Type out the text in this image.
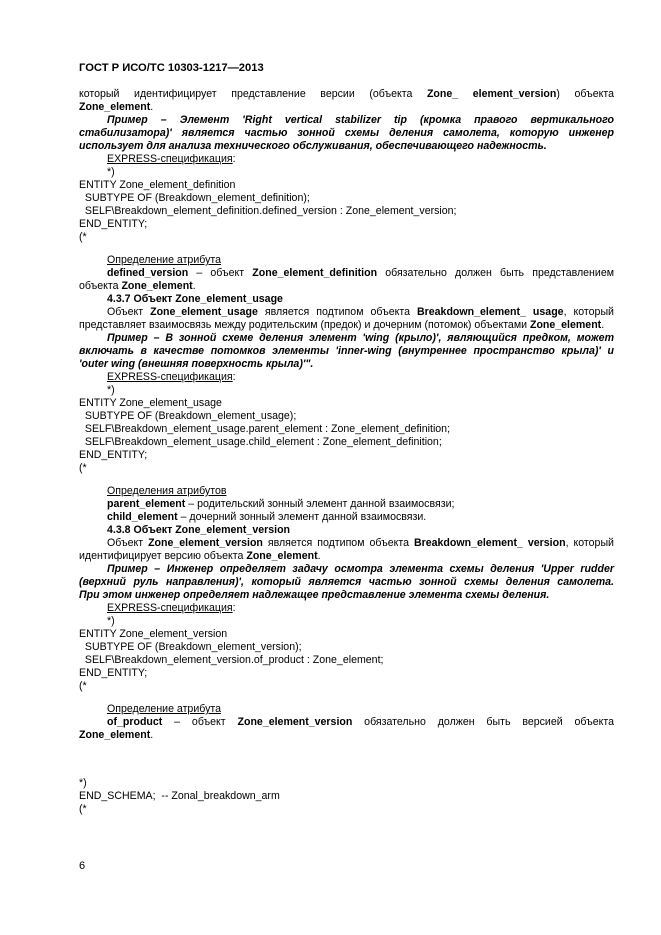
ГОСТ Р ИСО/ТС 10303-1217—2013
который идентифицирует представление версии (объекта Zone_ element_version) объекта
Zone_element.
Пример – Элемент 'Right vertical stabilizer tip (кромка правого вертикального
стабилизатора)' является частью зонной схемы деления самолета, которую инженер
использует для анализа технического обслуживания, обеспечивающего надежность.
EXPRESS-спецификация:
*)
ENTITY Zone_element_definition
SUBTYPE OF (Breakdown_element_definition);
SELF\Breakdown_element_definition.defined_version : Zone_element_version;
END_ENTITY;
(*
Определение атрибута
defined_version – объект Zone_element_definition обязательно должен быть представлением
объекта Zone_element.
4.3.7 Объект Zone_element_usage
Объект Zone_element_usage является подтипом объекта Breakdown_element_ usage, который
представляет взаимосвязь между родительским (предок) и дочерним (потомок) объектами Zone_element.
Пример – В зонной схеме деления элемент 'wing (крыло)', являющийся предком, может
включать в качестве потомков элементы 'inner-wing (внутреннее пространство крыла)' и
'outer wing (внешняя поверхность крыла)'".
EXPRESS-спецификация:
*)
ENTITY Zone_element_usage
SUBTYPE OF (Breakdown_element_usage);
SELF\Breakdown_element_usage.parent_element : Zone_element_definition;
SELF\Breakdown_element_usage.child_element : Zone_element_definition;
END_ENTITY;
(*
Определения атрибутов
parent_element – родительский зонный элемент данной взаимосвязи;
child_element – дочерний зонный элемент данной взаимосвязи.
4.3.8 Объект Zone_element_version
Объект Zone_element_version является подтипом объекта Breakdown_element_ version, который
идентифицирует версию объекта Zone_element.
Пример – Инженер определяет задачу осмотра элемента схемы деления 'Upper rudder
(верхний руль направления)', который является частью зонной схемы деления самолета.
При этом инженер определяет надлежащее представление элемента схемы деления.
EXPRESS-спецификация:
*)
ENTITY Zone_element_version
SUBTYPE OF (Breakdown_element_version);
SELF\Breakdown_element_version.of_product : Zone_element;
END_ENTITY;
(*
Определение атрибута
of_product – объект Zone_element_version обязательно должен быть версией объекта
Zone_element.
*)
END_SCHEMA;  -- Zonal_breakdown_arm
(*
6
